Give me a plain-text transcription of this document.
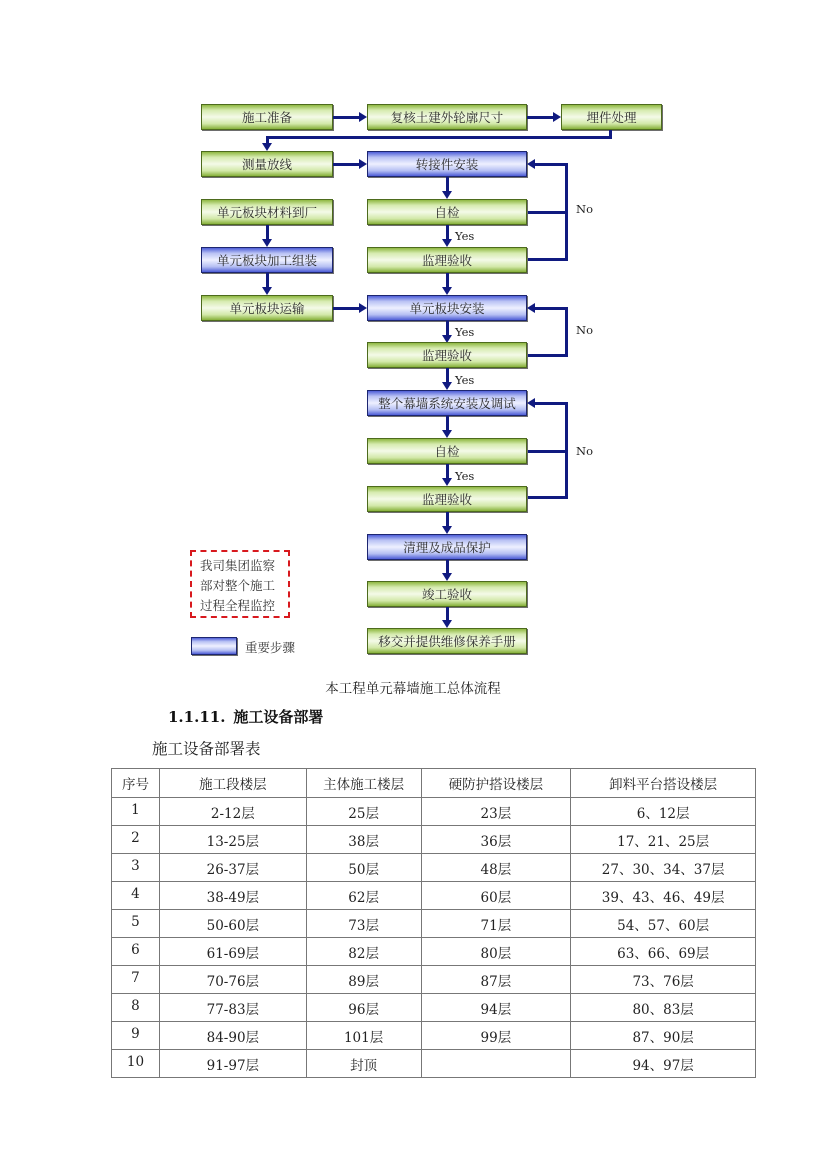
施工准备	复核土建外轮廓尺寸	埋件处理
测量放线	转接件安装
No
单元板块材料到厂	自检
Yes
单元板块加工组装	监理验收
单元板块运输	单元板块安装
No
Yes
监理验收
Yes
整个幕墙系统安装及调试
No
自检
Yes
监理验收
清理及成品保护
竣工验收
移交并提供维修保养手册
我司集团监察
部对整个施工
过程全程监控
重要步骤
本工程单元幕墙施工总体流程
1.1.11. 施工设备部署
施工设备部署表
序号	施工段楼层	主体施工楼层	硬防护搭设楼层	卸料平台搭设楼层
1	2-12层	25层	23层	6、12层
2	13-25层	38层	36层	17、21、25层
3	26-37层	50层	48层	27、30、34、37层
4	38-49层	62层	60层	39、43、46、49层
5	50-60层	73层	71层	54、57、60层
6	61-69层	82层	80层	63、66、69层
7	70-76层	89层	87层	73、76层
8	77-83层	96层	94层	80、83层
9	84-90层	101层	99层	87、90层
10	91-97层	封顶		94、97层
